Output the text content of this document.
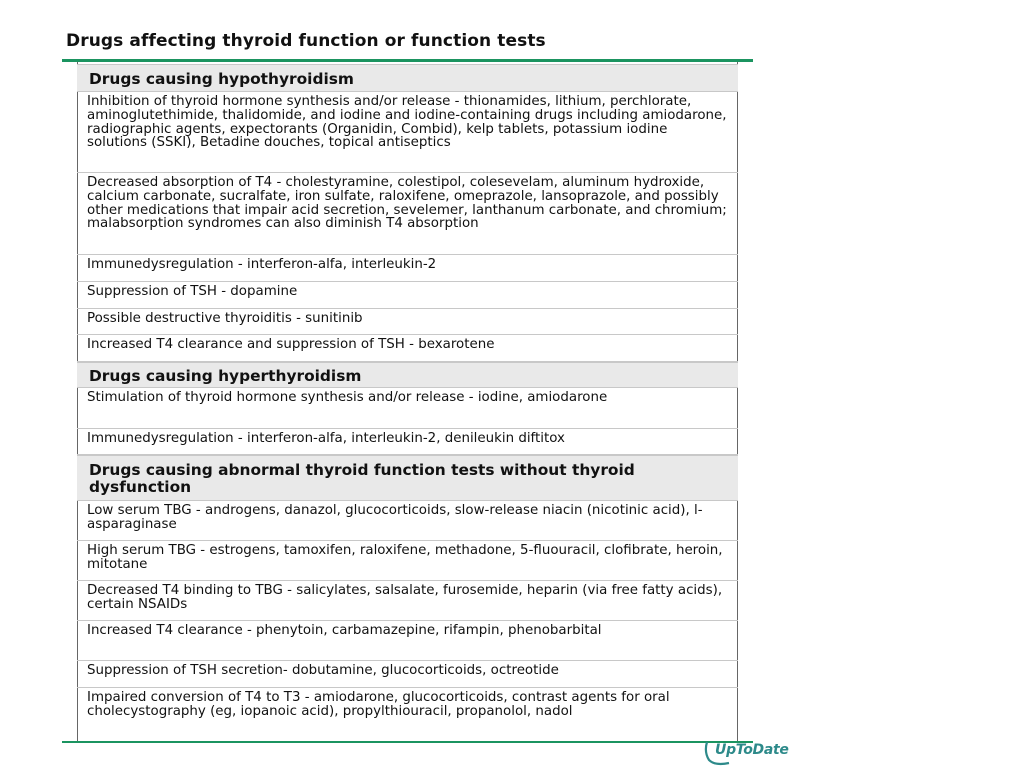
Drugs affecting thyroid function or function tests
Drugs causing hypothyroidism
Inhibition of thyroid hormone synthesis and/or release - thionamides, lithium, perchlorate, aminoglutethimide, thalidomide, and iodine and iodine-containing drugs including amiodarone, radiographic agents, expectorants (Organidin, Combid), kelp tablets, potassium iodine solutions (SSKI), Betadine douches, topical antiseptics
Decreased absorption of T4 - cholestyramine, colestipol, colesevelam, aluminum hydroxide, calcium carbonate, sucralfate, iron sulfate, raloxifene, omeprazole, lansoprazole, and possibly other medications that impair acid secretion, sevelemer, lanthanum carbonate, and chromium; malabsorption syndromes can also diminish T4 absorption
Immunedysregulation - interferon-alfa, interleukin-2
Suppression of TSH - dopamine
Possible destructive thyroiditis - sunitinib
Increased T4 clearance and suppression of TSH - bexarotene
Drugs causing hyperthyroidism
Stimulation of thyroid hormone synthesis and/or release - iodine, amiodarone
Immunedysregulation - interferon-alfa, interleukin-2, denileukin diftitox
Drugs causing abnormal thyroid function tests without thyroid dysfunction
Low serum TBG - androgens, danazol, glucocorticoids, slow-release niacin (nicotinic acid), l-asparaginase
High serum TBG - estrogens, tamoxifen, raloxifene, methadone, 5-fluouracil, clofibrate, heroin, mitotane
Decreased T4 binding to TBG - salicylates, salsalate, furosemide, heparin (via free fatty acids), certain NSAIDs
Increased T4 clearance - phenytoin, carbamazepine, rifampin, phenobarbital
Suppression of TSH secretion- dobutamine, glucocorticoids, octreotide
Impaired conversion of T4 to T3 - amiodarone, glucocorticoids, contrast agents for oral cholecystography (eg, iopanoic acid), propylthiouracil, propanolol, nadol
UpToDate
